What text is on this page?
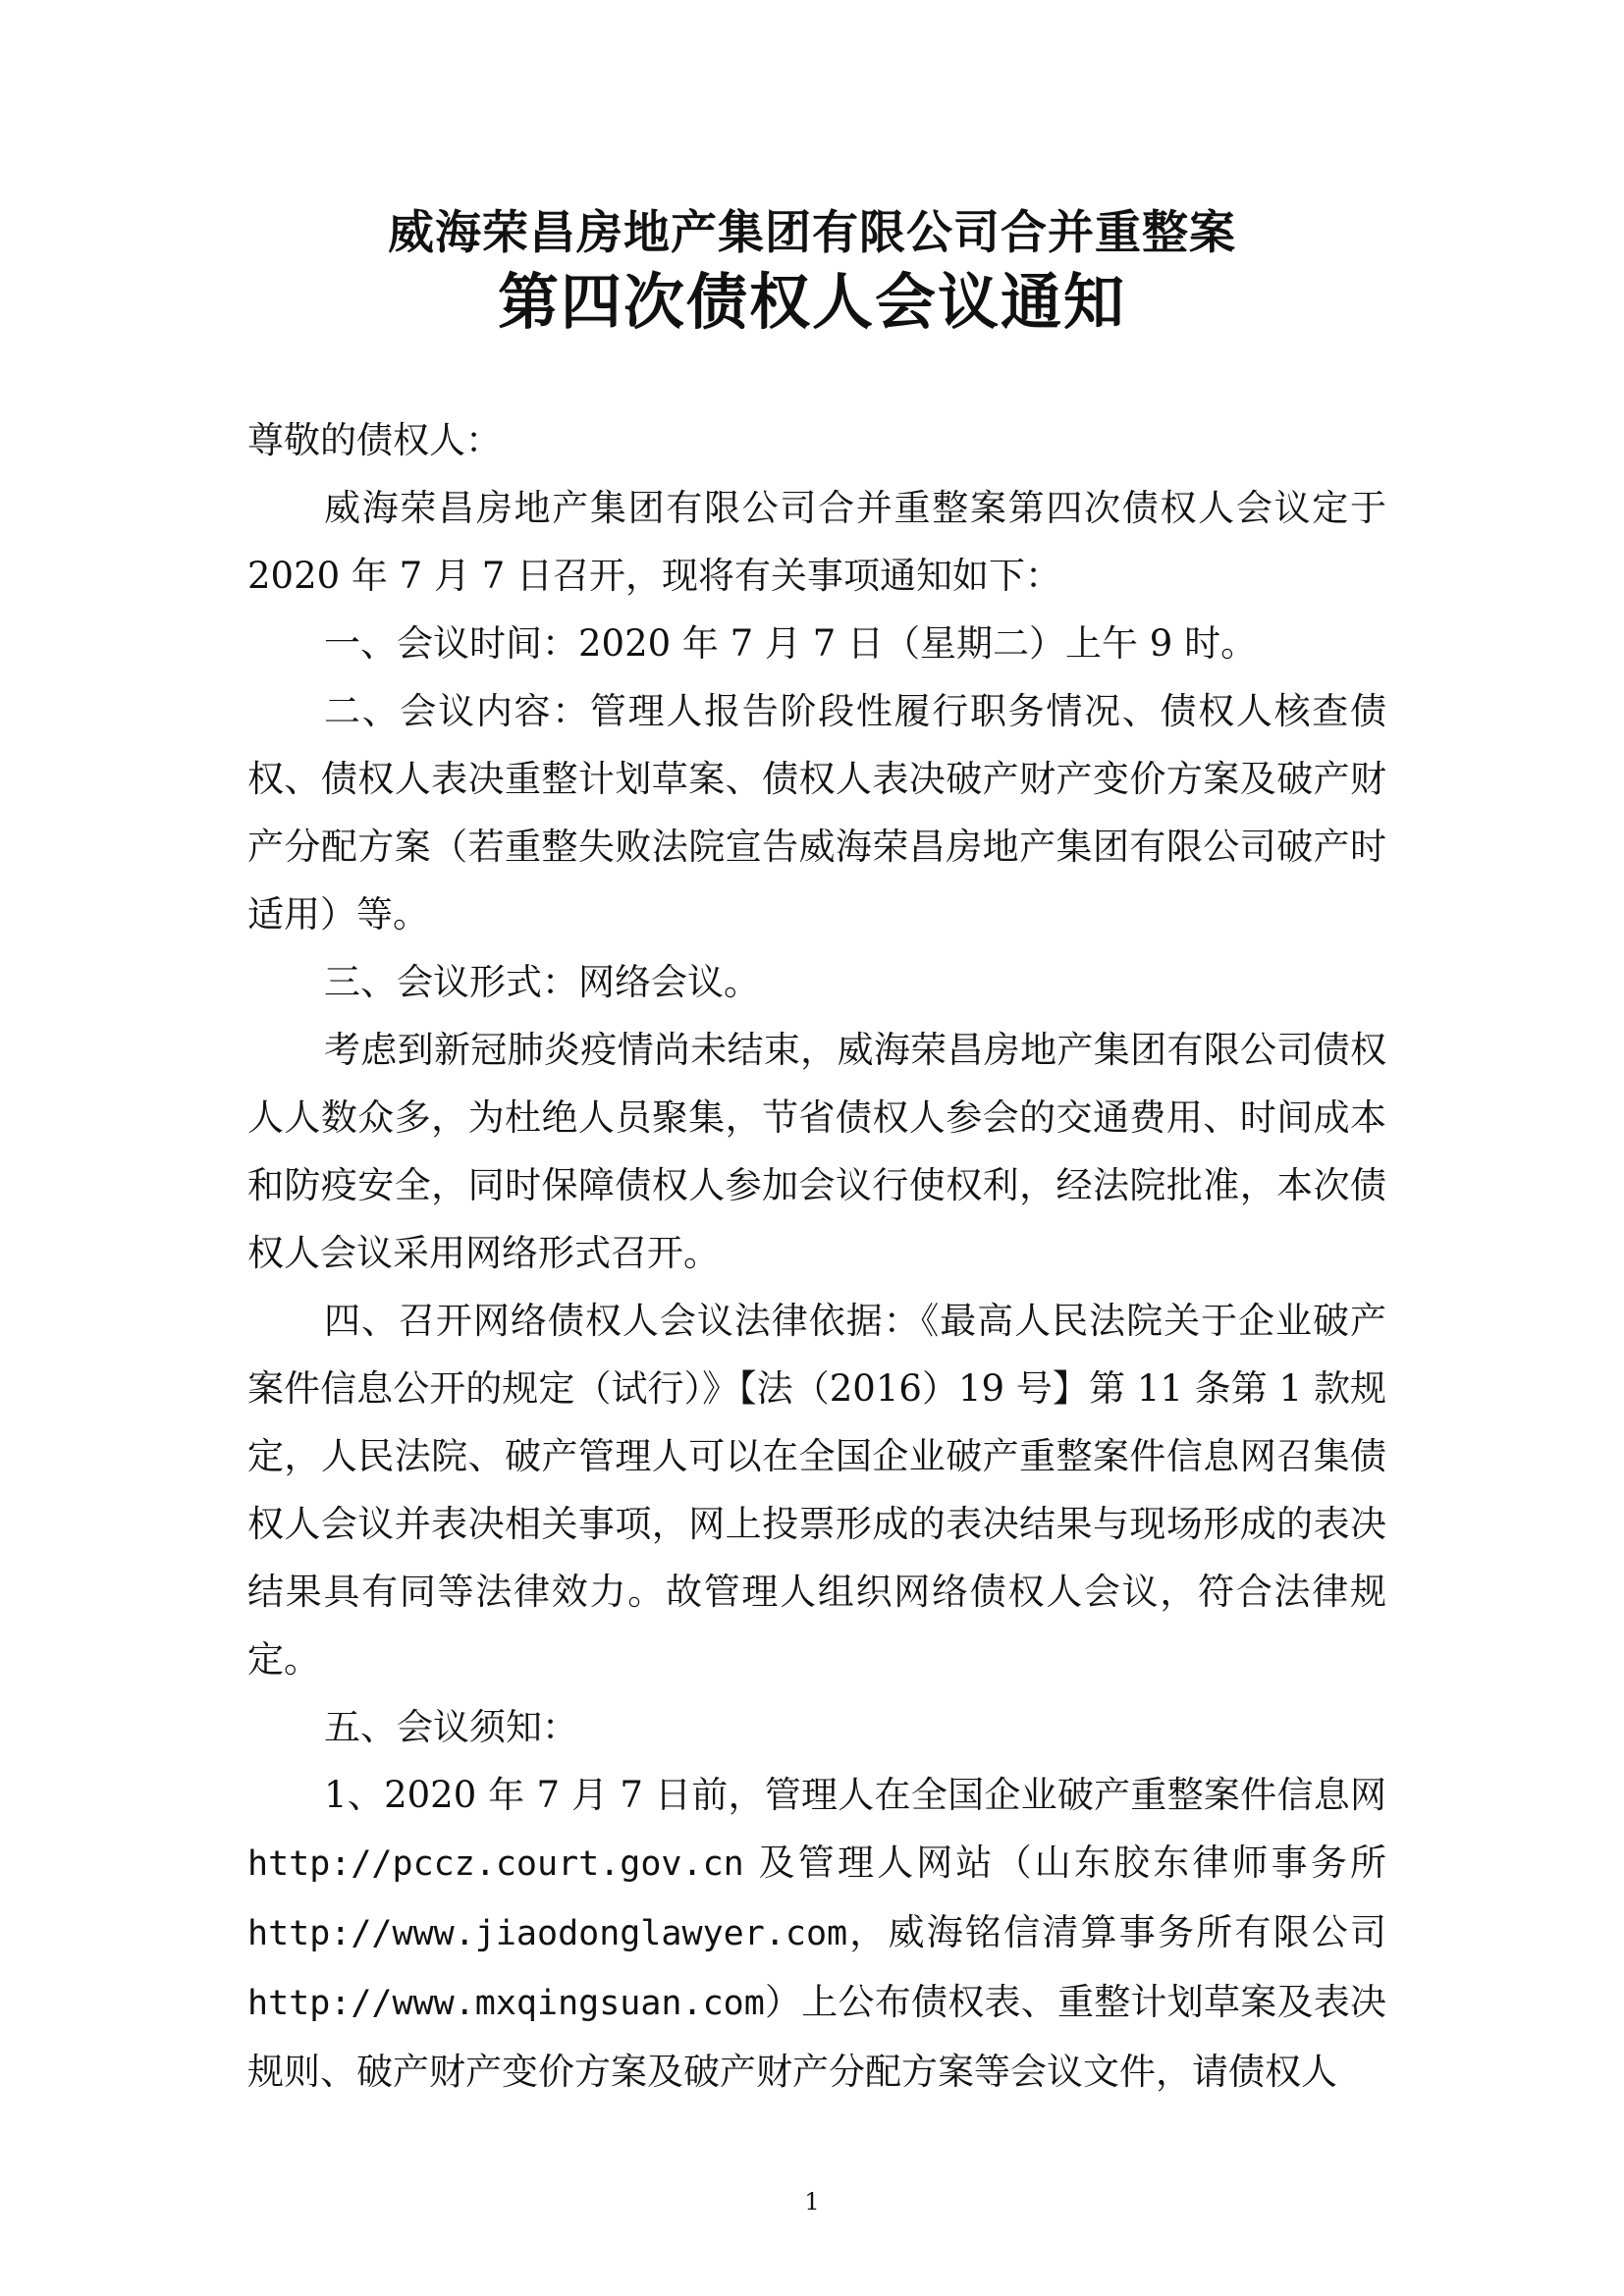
威海荣昌房地产集团有限公司合并重整案
第四次债权人会议通知

尊敬的债权人：

威海荣昌房地产集团有限公司合并重整案第四次债权人会议定于 2020 年 7 月 7 日召开，现将有关事项通知如下：

一、会议时间：2020 年 7 月 7 日（星期二）上午 9 时。

二、会议内容：管理人报告阶段性履行职务情况、债权人核查债权、债权人表决重整计划草案、债权人表决破产财产变价方案及破产财产分配方案（若重整失败法院宣告威海荣昌房地产集团有限公司破产时适用）等。

三、会议形式：网络会议。

考虑到新冠肺炎疫情尚未结束，威海荣昌房地产集团有限公司债权人人数众多，为杜绝人员聚集，节省债权人参会的交通费用、时间成本和防疫安全，同时保障债权人参加会议行使权利，经法院批准，本次债权人会议采用网络形式召开。

四、召开网络债权人会议法律依据：《最高人民法院关于企业破产案件信息公开的规定（试行）》【法（2016）19 号】第 11 条第 1 款规定，人民法院、破产管理人可以在全国企业破产重整案件信息网召集债权人会议并表决相关事项，网上投票形成的表决结果与现场形成的表决结果具有同等法律效力。故管理人组织网络债权人会议，符合法律规定。

五、会议须知：

1、2020 年 7 月 7 日前，管理人在全国企业破产重整案件信息网 http://pccz.court.gov.cn 及管理人网站（山东胶东律师事务所 http://www.jiaodonglawyer.com，威海铭信清算事务所有限公司 http://www.mxqingsuan.com）上公布债权表、重整计划草案及表决规则、破产财产变价方案及破产财产分配方案等会议文件，请债权人

1
